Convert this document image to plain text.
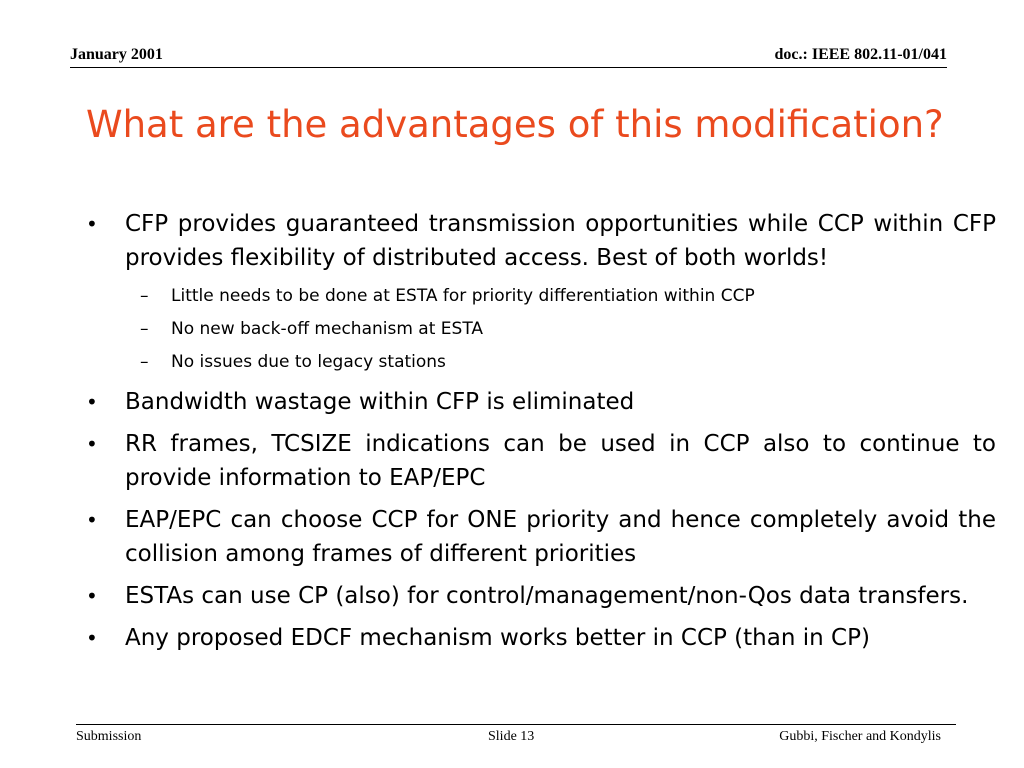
January 2001	doc.: IEEE 802.11-01/041
What are the advantages of this modification?
• CFP provides guaranteed transmission opportunities while CCP within CFP provides flexibility of distributed access. Best of both worlds!
– Little needs to be done at ESTA for priority differentiation within CCP
– No new back-off mechanism at ESTA
– No issues due to legacy stations
• Bandwidth wastage within CFP is eliminated
• RR frames, TCSIZE indications can be used in CCP also to continue to provide information to EAP/EPC
• EAP/EPC can choose CCP for ONE priority and hence completely avoid the collision among frames of different priorities
• ESTAs can use CP (also) for control/management/non-Qos data transfers.
• Any proposed EDCF mechanism works better in CCP (than in CP)
Submission	Slide 13	Gubbi, Fischer and Kondylis
